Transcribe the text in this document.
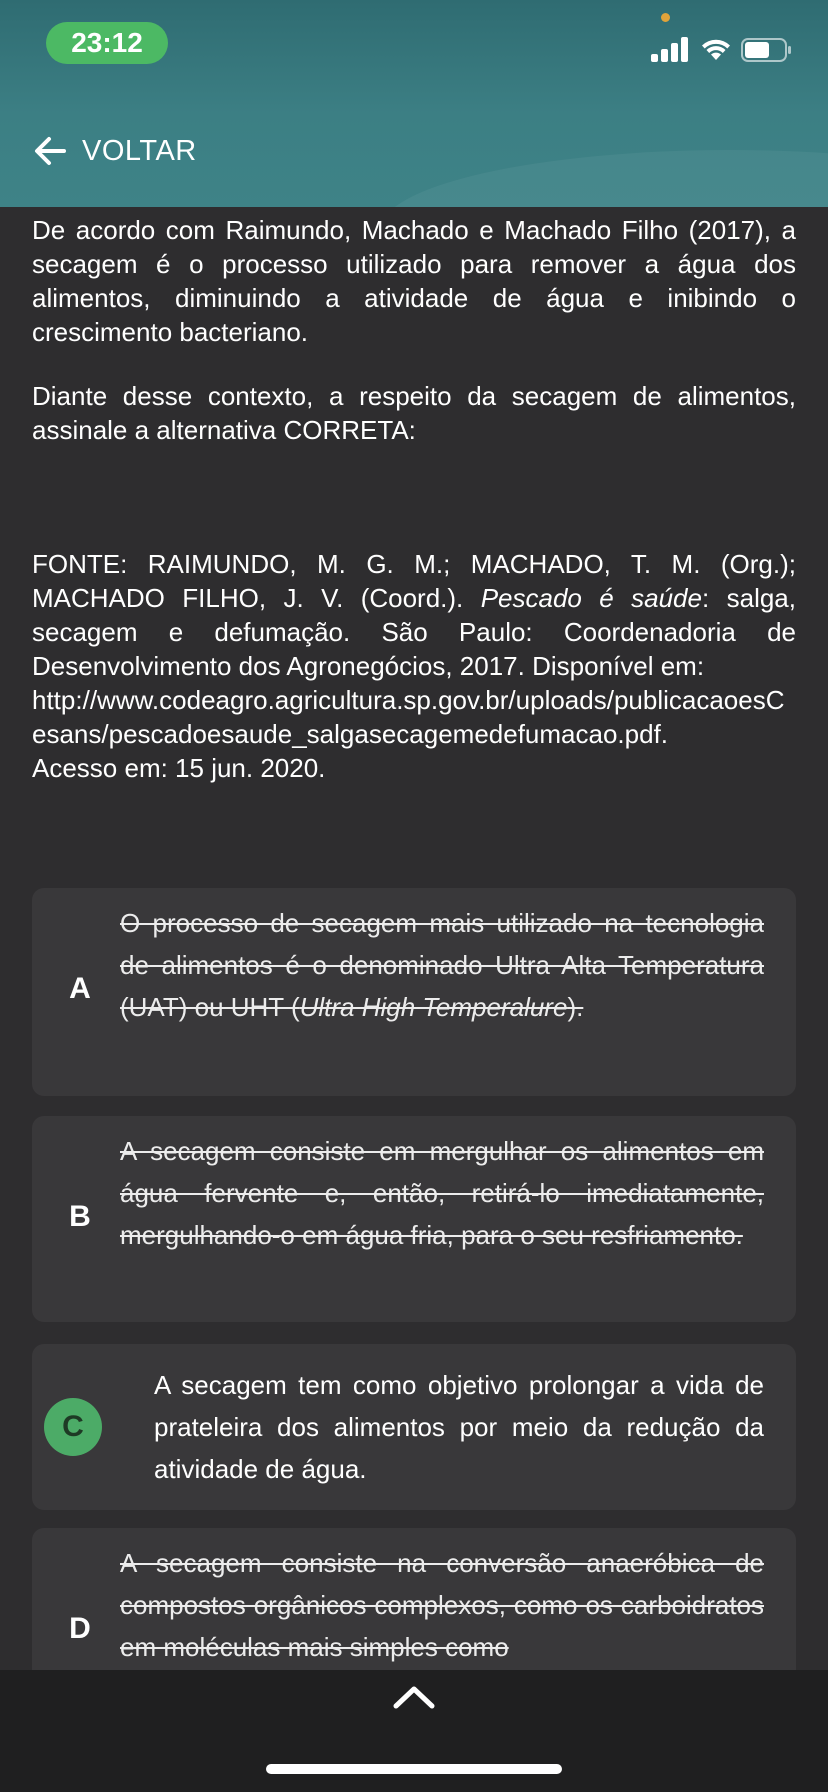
23:12
VOLTAR

De acordo com Raimundo, Machado e Machado Filho (2017), a secagem é o processo utilizado para remover a água dos alimentos, diminuindo a atividade de água e inibindo o crescimento bacteriano.

Diante desse contexto, a respeito da secagem de alimentos, assinale a alternativa CORRETA:

FONTE: RAIMUNDO, M. G. M.; MACHADO, T. M. (Org.); MACHADO FILHO, J. V. (Coord.). Pescado é saúde: salga, secagem e defumação. São Paulo: Coordenadoria de Desenvolvimento dos Agronegócios, 2017. Disponível em:
http://www.codeagro.agricultura.sp.gov.br/uploads/publicacaoesCesans/pescadoesaude_salgasecagemedefumacao.pdf.
Acesso em: 15 jun. 2020.

A
O processo de secagem mais utilizado na tecnologia de alimentos é o denominado Ultra Alta Temperatura (UAT) ou UHT (Ultra High Temperalure).
B
A secagem consiste em mergulhar os alimentos em água fervente e, então, retirá-lo imediatamente, mergulhando-o em água fria, para o seu resfriamento.
C
A secagem tem como objetivo prolongar a vida de prateleira dos alimentos por meio da redução da atividade de água.
D
A secagem consiste na conversão anaeróbica de compostos orgânicos complexos, como os carboidratos em moléculas mais simples como
